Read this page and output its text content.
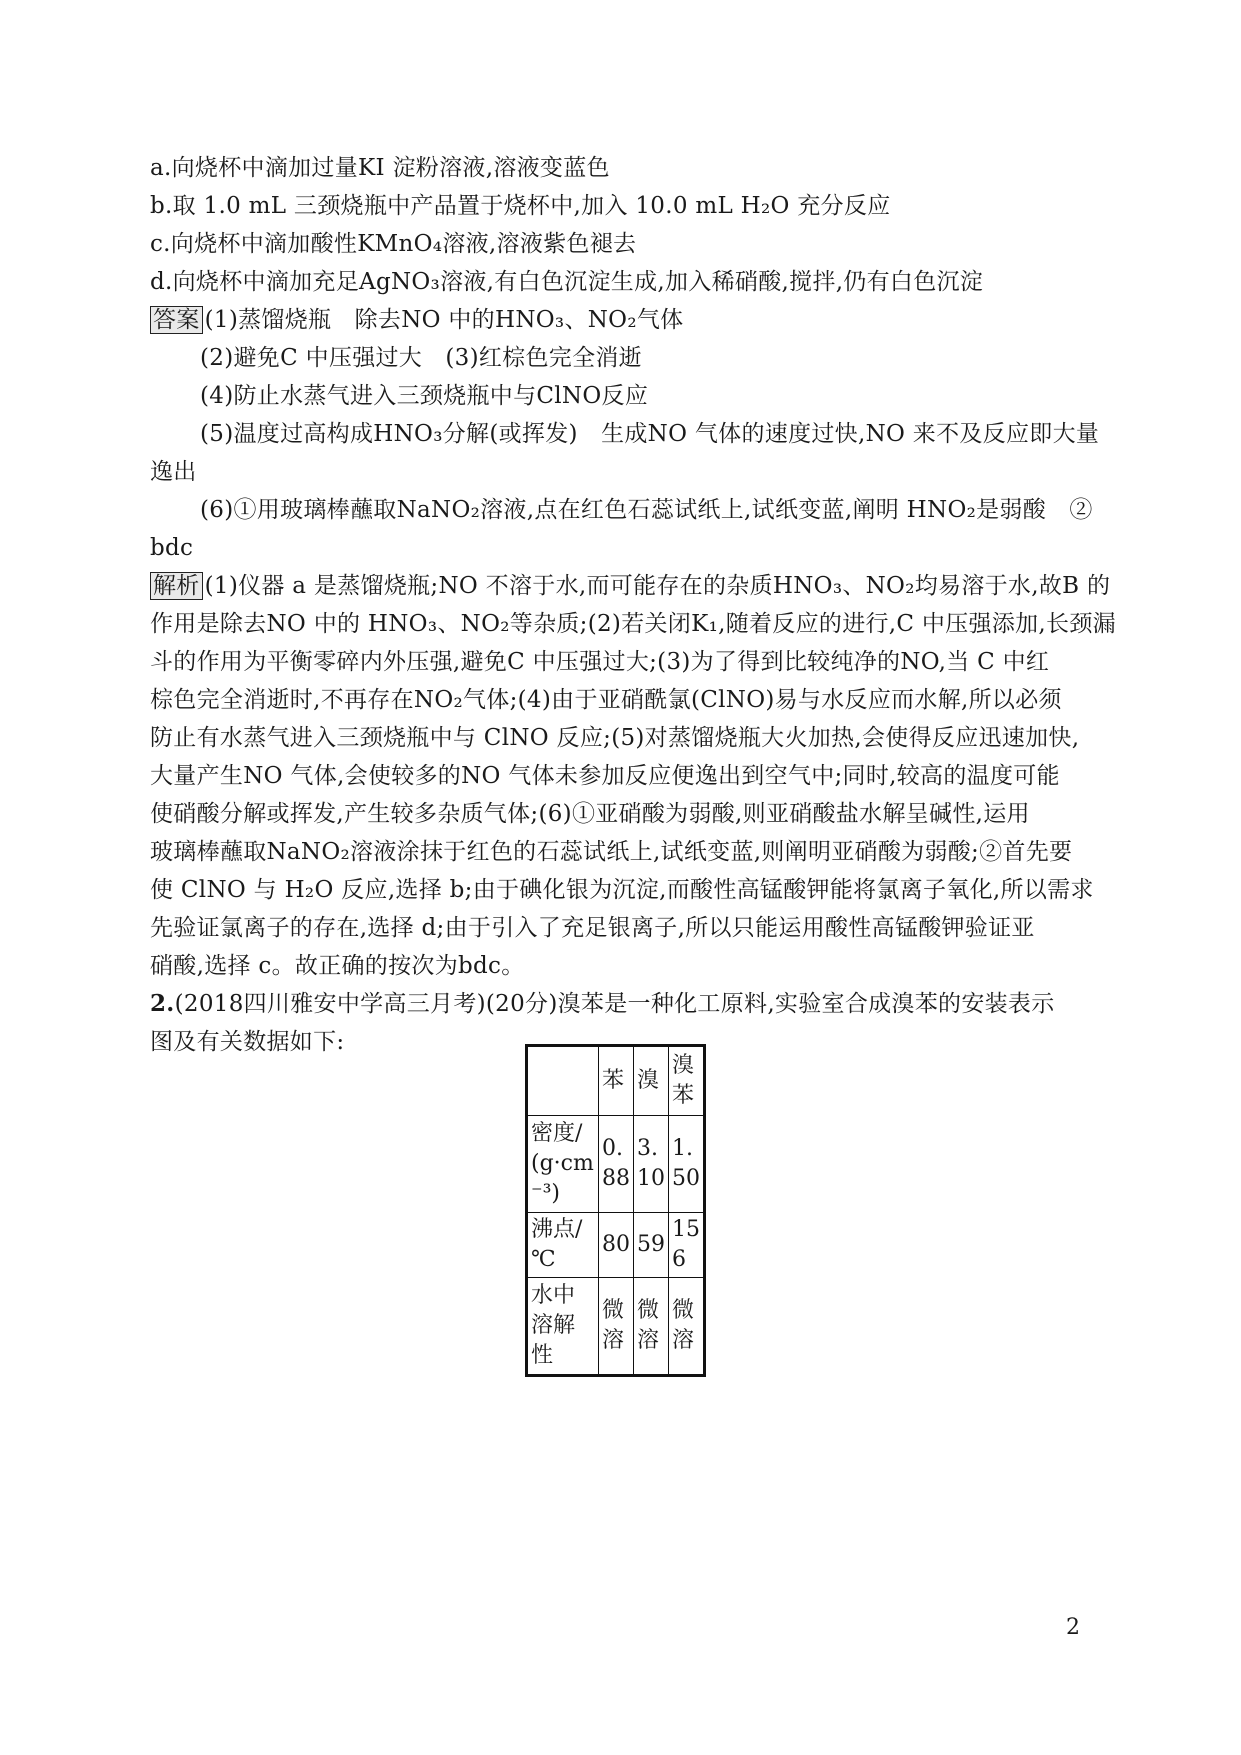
a.向烧杯中滴加过量KI 淀粉溶液,溶液变蓝色
b.取 1.0 mL 三颈烧瓶中产品置于烧杯中,加入 10.0 mL H₂O 充分反应
c.向烧杯中滴加酸性KMnO₄溶液,溶液紫色褪去
d.向烧杯中滴加充足AgNO₃溶液,有白色沉淀生成,加入稀硝酸,搅拌,仍有白色沉淀
答案 (1)蒸馏烧瓶　除去NO 中的HNO₃、NO₂气体
(2)避免C 中压强过大　(3)红棕色完全消逝
(4)防止水蒸气进入三颈烧瓶中与ClNO反应
(5)温度过高构成HNO₃分解(或挥发)　生成NO 气体的速度过快,NO 来不及反应即大量
逸出
(6)①用玻璃棒蘸取NaNO₂溶液,点在红色石蕊试纸上,试纸变蓝,阐明 HNO₂是弱酸　②
bdc
解析 (1)仪器 a 是蒸馏烧瓶;NO 不溶于水,而可能存在的杂质HNO₃、NO₂均易溶于水,故B 的
作用是除去NO 中的 HNO₃、NO₂等杂质;(2)若关闭K₁,随着反应的进行,C 中压强添加,长颈漏
斗的作用为平衡零碎内外压强,避免C 中压强过大;(3)为了得到比较纯净的NO,当 C 中红
棕色完全消逝时,不再存在NO₂气体;(4)由于亚硝酰氯(ClNO)易与水反应而水解,所以必须
防止有水蒸气进入三颈烧瓶中与 ClNO 反应;(5)对蒸馏烧瓶大火加热,会使得反应迅速加快,
大量产生NO 气体,会使较多的NO 气体未参加反应便逸出到空气中;同时,较高的温度可能
使硝酸分解或挥发,产生较多杂质气体;(6)①亚硝酸为弱酸,则亚硝酸盐水解呈碱性,运用
玻璃棒蘸取NaNO₂溶液涂抹于红色的石蕊试纸上,试纸变蓝,则阐明亚硝酸为弱酸;②首先要
使 ClNO 与 H₂O 反应,选择 b;由于碘化银为沉淀,而酸性高锰酸钾能将氯离子氧化,所以需求
先验证氯离子的存在,选择 d;由于引入了充足银离子,所以只能运用酸性高锰酸钾验证亚
硝酸,选择 c。故正确的按次为bdc。
2.(2018四川雅安中学高三月考)(20分)溴苯是一种化工原料,实验室合成溴苯的安装表示
图及有关数据如下:
	苯	溴	溴苯
密度/(g·cm⁻³)	0.88	3.10	1.50
沸点/℃	80	59	156
水中溶解性	微溶	微溶	微溶
2
